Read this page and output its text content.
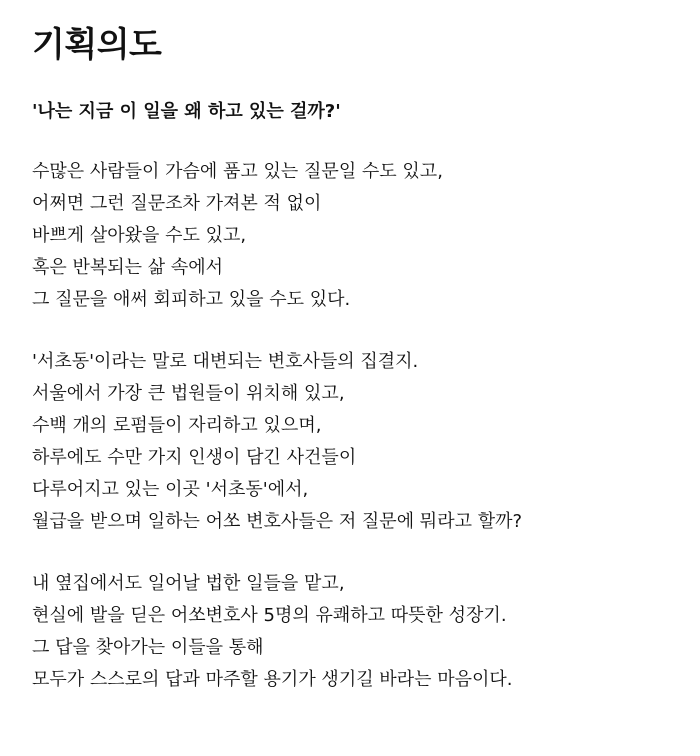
기획의도

'나는 지금 이 일을 왜 하고 있는 걸까?'

수많은 사람들이 가슴에 품고 있는 질문일 수도 있고,
어쩌면 그런 질문조차 가져본 적 없이
바쁘게 살아왔을 수도 있고,
혹은 반복되는 삶 속에서
그 질문을 애써 회피하고 있을 수도 있다.
'서초동'이라는 말로 대변되는 변호사들의 집결지.
서울에서 가장 큰 법원들이 위치해 있고,
수백 개의 로펌들이 자리하고 있으며,
하루에도 수만 가지 인생이 담긴 사건들이
다루어지고 있는 이곳 '서초동'에서,
월급을 받으며 일하는 어쏘 변호사들은 저 질문에 뭐라고 할까?
내 옆집에서도 일어날 법한 일들을 맡고,
현실에 발을 딛은 어쏘변호사 5명의 유쾌하고 따뜻한 성장기.
그 답을 찾아가는 이들을 통해
모두가 스스로의 답과 마주할 용기가 생기길 바라는 마음이다.
